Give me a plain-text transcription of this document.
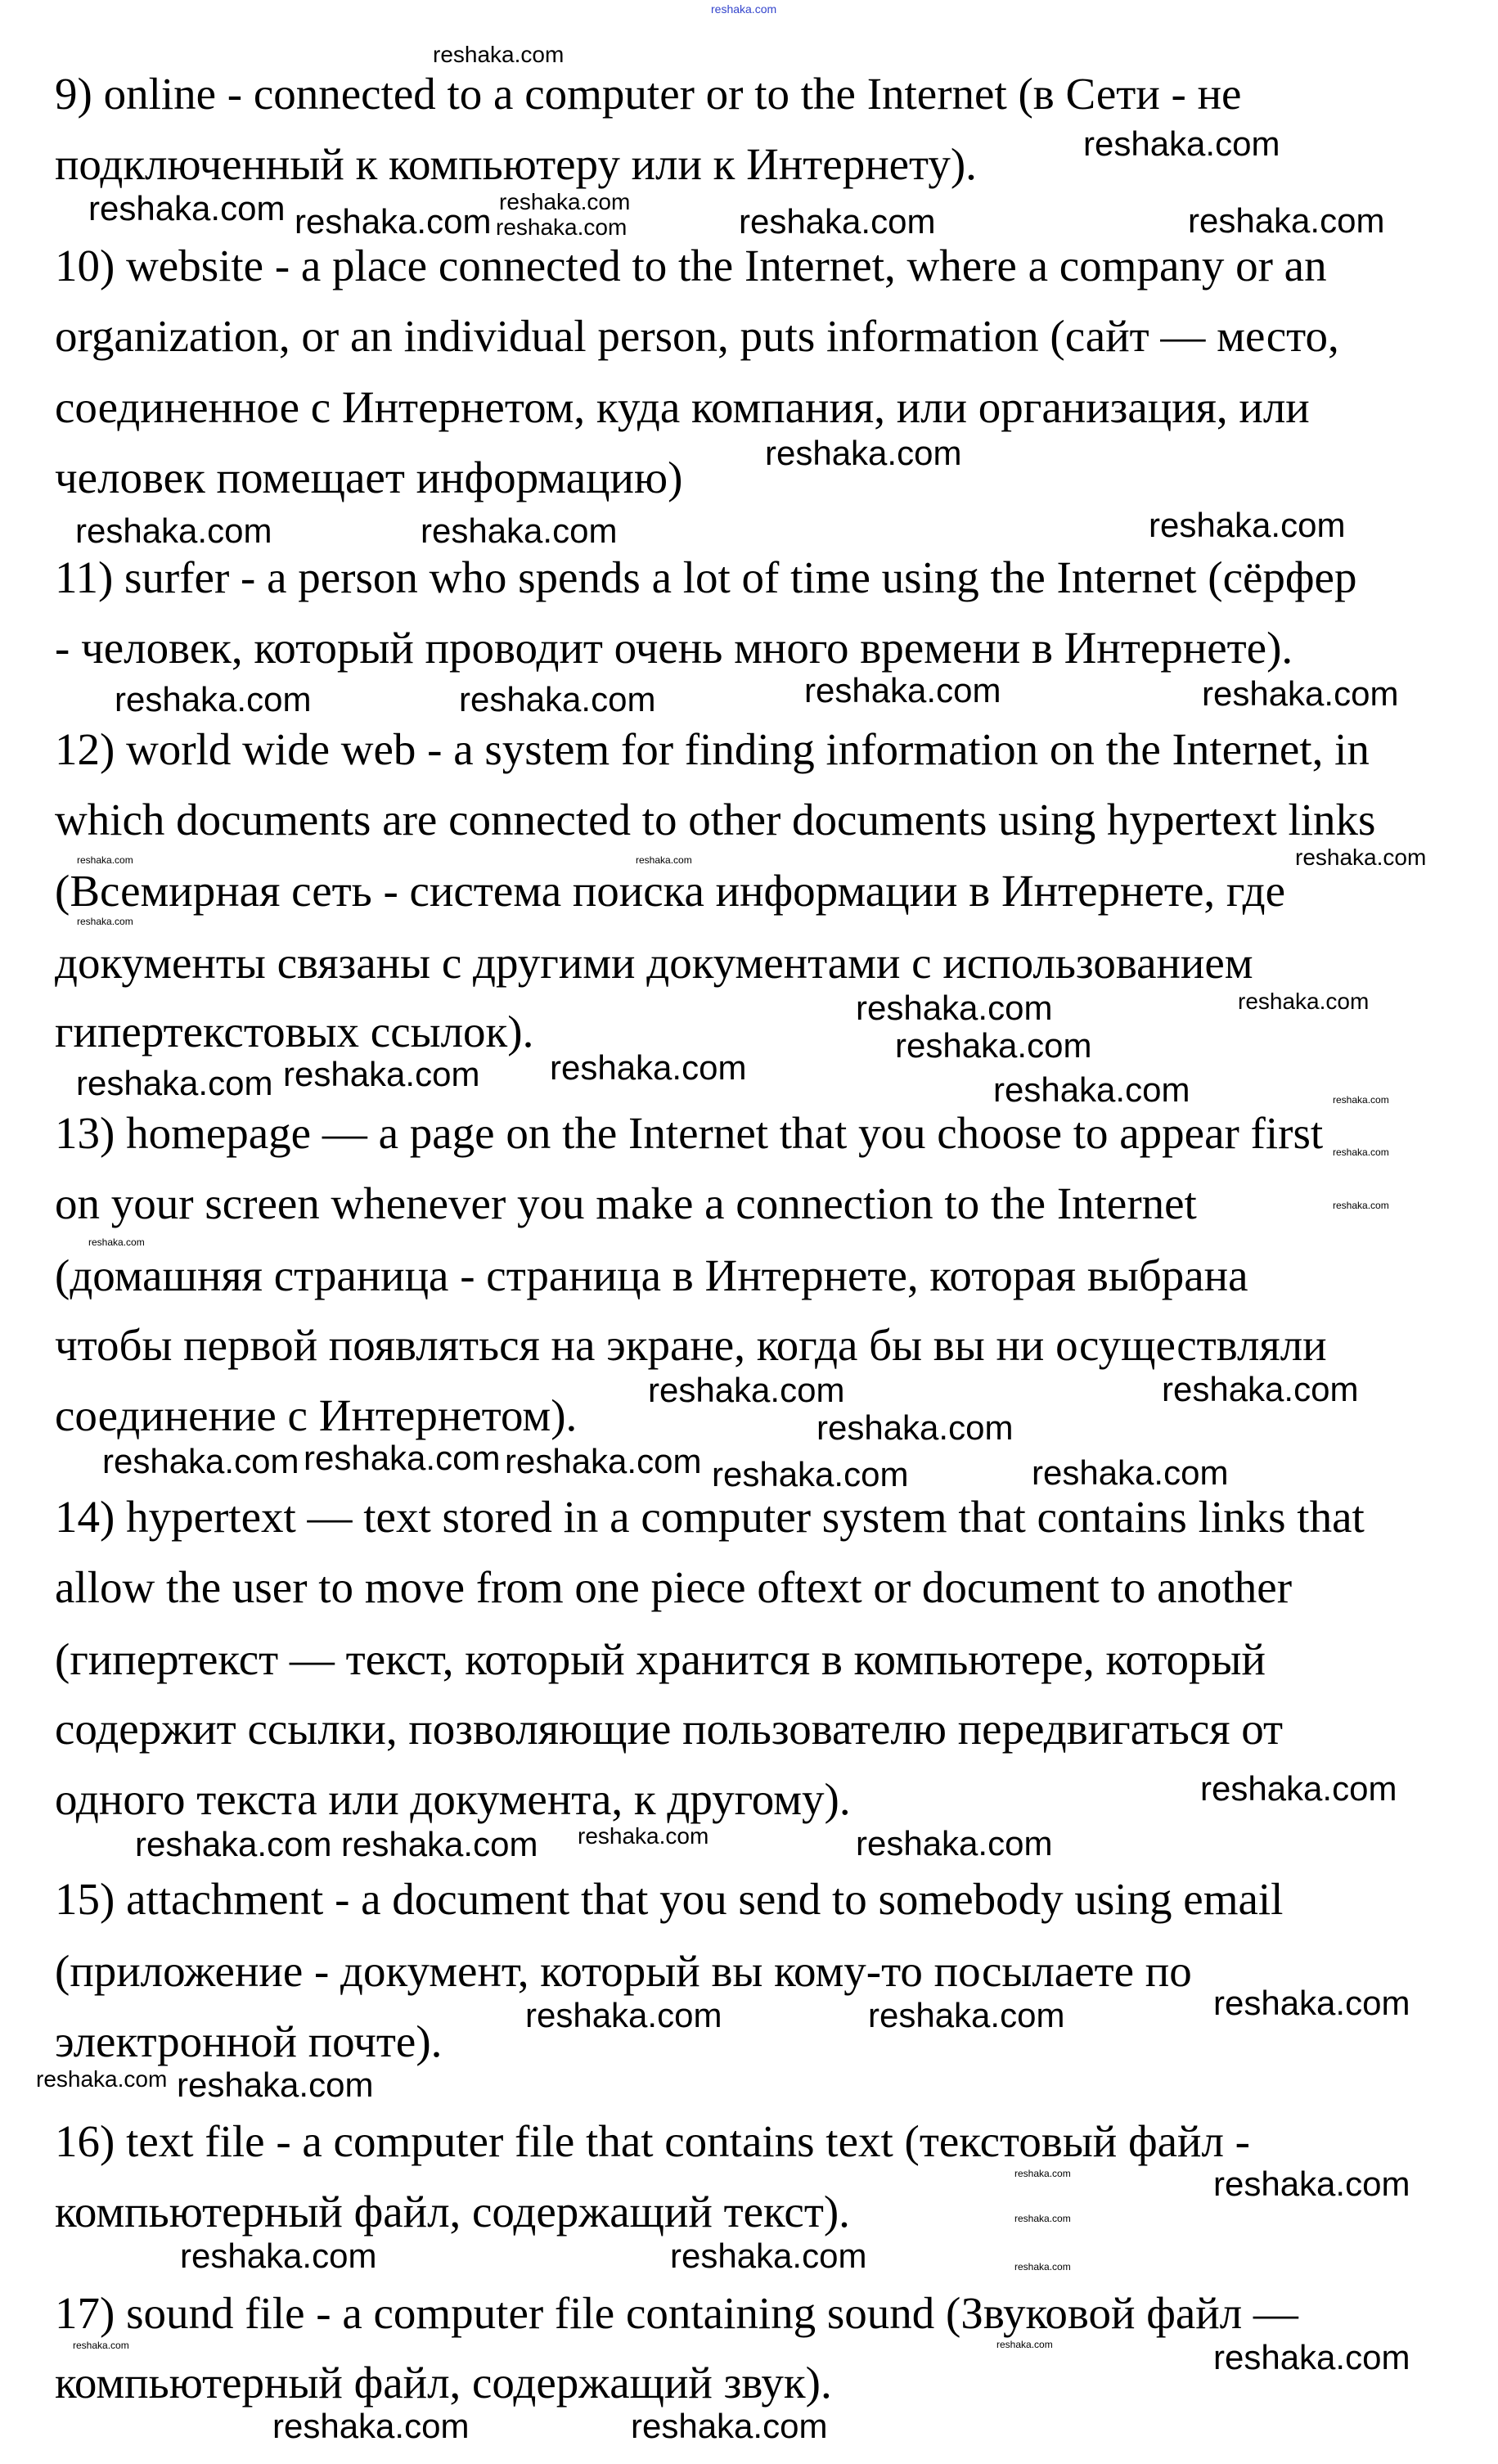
9) online - connected to a computer or to the Internet (в Сети - не
подключенный к компьютеру или к Интернету).
10) website - a place connected to the Internet, where a company or an
organization, or an individual person, puts information (сайт — место,
соединенное с Интернетом, куда компания, или организация, или
человек помещает информацию)
11) surfer - a person who spends a lot of time using the Internet (сёрфер
- человек, который проводит очень много времени в Интернете).
12) world wide web - a system for finding information on the Internet, in
which documents are connected to other documents using hypertext links
(Всемирная сеть - система поиска информации в Интернете, где
документы связаны с другими документами с использованием
гипертекстовых ссылок).
13) homepage — a page on the Internet that you choose to appear first
on your screen whenever you make a connection to the Internet
(домашняя страница - страница в Интернете, которая выбрана
чтобы первой появляться на экране, когда бы вы ни осуществляли
соединение с Интернетом).
14) hypertext — text stored in a computer system that contains links that
allow the user to move from one piece oftext or document to another
(гипертекст — текст, который хранится в компьютере, который
содержит ссылки, позволяющие пользователю передвигаться от
одного текста или документа, к другому).
15) attachment - a document that you send to somebody using email
(приложение - документ, который вы кому-то посылаете по
электронной почте).
16) text file - a computer file that contains text (текстовый файл -
компьютерный файл, содержащий текст).
17) sound file - a computer file containing sound (Звуковой файл —
компьютерный файл, содержащий звук).
reshaka.com
reshaka.com
reshaka.com
reshaka.com
reshaka.com	reshaka.com
reshaka.com
reshaka.com	reshaka.com	reshaka.com
reshaka.com
reshaka.com	reshaka.com	reshaka.com
reshaka.com
reshaka.com
reshaka.com
reshaka.com
reshaka.com	reshaka.com
reshaka.com
reshaka.com
reshaka.com
reshaka.com
reshaka.com	reshaka.com
reshaka.com
reshaka.com	reshaka.com
reshaka.com
reshaka.com	reshaka.com
reshaka.com
reshaka.com	reshaka.com	reshaka.com
reshaka.com	reshaka.com
reshaka.com
reshaka.com	reshaka.com
reshaka.com
reshaka.com
reshaka.com
reshaka.com
reshaka.com
reshaka.com
reshaka.com
reshaka.com
reshaka.com
reshaka.com
reshaka.com
reshaka.com
reshaka.com
reshaka.com
reshaka.com
reshaka.com
reshaka.com
reshaka.com
reshaka.com
reshaka.com
